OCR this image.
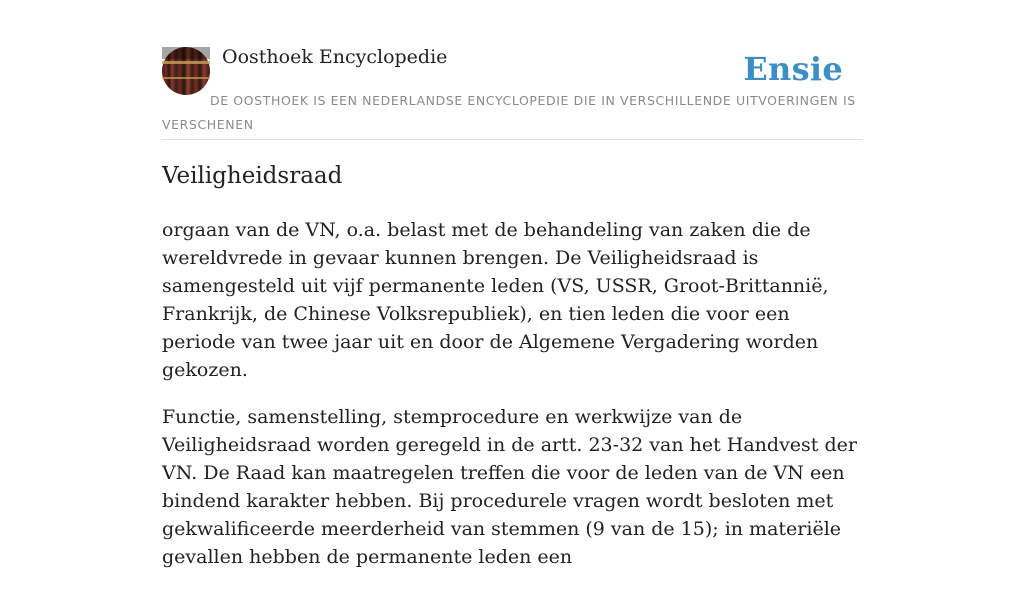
Oosthoek Encyclopedie	Ensie
DE OOSTHOEK IS EEN NEDERLANDSE ENCYCLOPEDIE DIE IN VERSCHILLENDE UITVOERINGEN IS VERSCHENEN
Veiligheidsraad

orgaan van de VN, o.a. belast met de behandeling van zaken die de wereldvrede in gevaar kunnen brengen. De Veiligheidsraad is samengesteld uit vijf permanente leden (VS, USSR, Groot-Brittannië, Frankrijk, de Chinese Volksrepubliek), en tien leden die voor een periode van twee jaar uit en door de Algemene Vergadering worden gekozen.

Functie, samenstelling, stemprocedure en werkwijze van de Veiligheidsraad worden geregeld in de artt. 23-32 van het Handvest der VN. De Raad kan maatregelen treffen die voor de leden van de VN een bindend karakter hebben. Bij procedurele vragen wordt besloten met gekwalificeerde meerderheid van stemmen (9 van de 15); in materiële gevallen hebben de permanente leden een
